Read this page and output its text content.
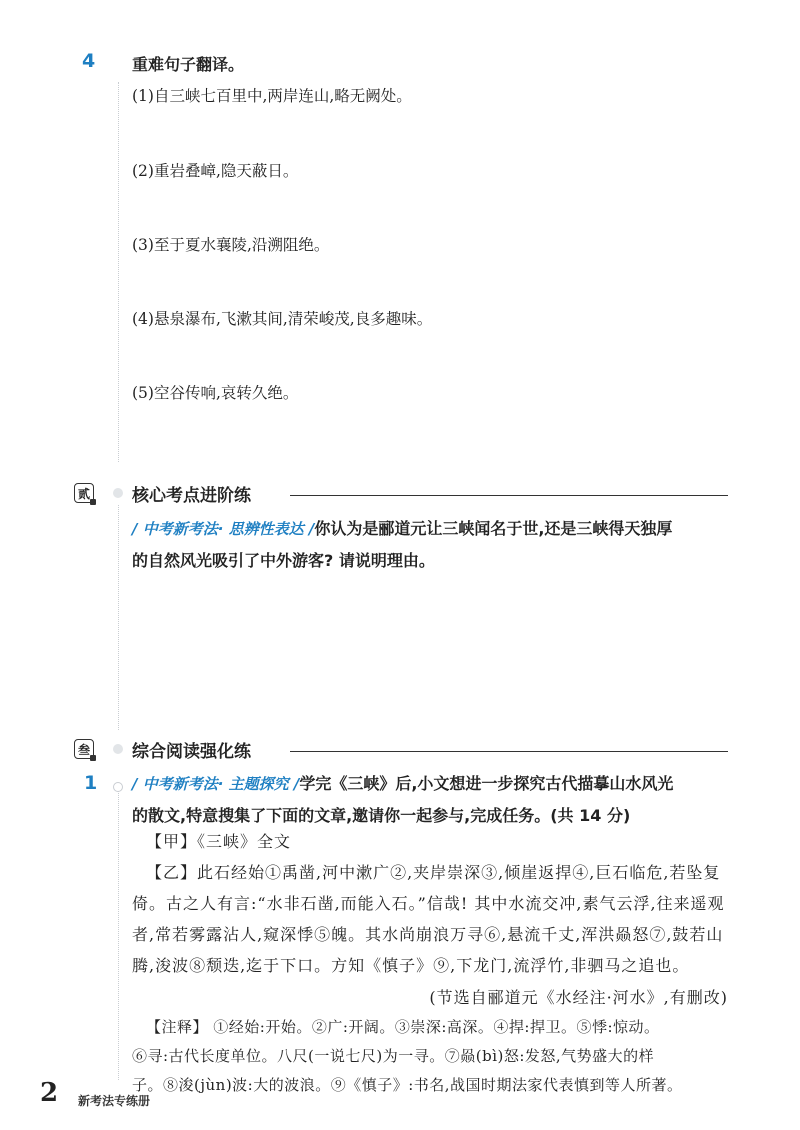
4 重难句子翻译。
(1)自三峡七百里中,两岸连山,略无阙处。
(2)重岩叠嶂,隐天蔽日。
(3)至于夏水襄陵,沿溯阻绝。
(4)悬泉瀑布,飞漱其间,清荣峻茂,良多趣味。
(5)空谷传响,哀转久绝。
贰 核心考点进阶练
/ 中考新考法· 思辨性表达 /你认为是郦道元让三峡闻名于世,还是三峡得天独厚
的自然风光吸引了中外游客? 请说明理由。
叁 综合阅读强化练
1 / 中考新考法· 主题探究 /学完《三峡》后,小文想进一步探究古代描摹山水风光
的散文,特意搜集了下面的文章,邀请你一起参与,完成任务。(共 14 分)
【甲】《三峡》全文
【乙】此石经始①禹凿,河中漱广②,夹岸崇深③,倾崖返捍④,巨石临危,若坠复
倚。古之人有言:“水非石凿,而能入石。”信哉! 其中水流交冲,素气云浮,往来遥观
者,常若雾露沾人,窥深悸⑤魄。其水尚崩浪万寻⑥,悬流千丈,浑洪赑怒⑦,鼓若山
腾,浚波⑧颓迭,迄于下口。方知《慎子》⑨,下龙门,流浮竹,非驷马之追也。
(节选自郦道元《水经注·河水》,有删改)
【注释】 ①经始:开始。②广:开阔。③崇深:高深。④捍:捍卫。⑤悸:惊动。
⑥寻:古代长度单位。八尺(一说七尺)为一寻。⑦赑(bì)怒:发怒,气势盛大的样
子。⑧浚(jùn)波:大的波浪。⑨《慎子》:书名,战国时期法家代表慎到等人所著。
2 新考法专练册
